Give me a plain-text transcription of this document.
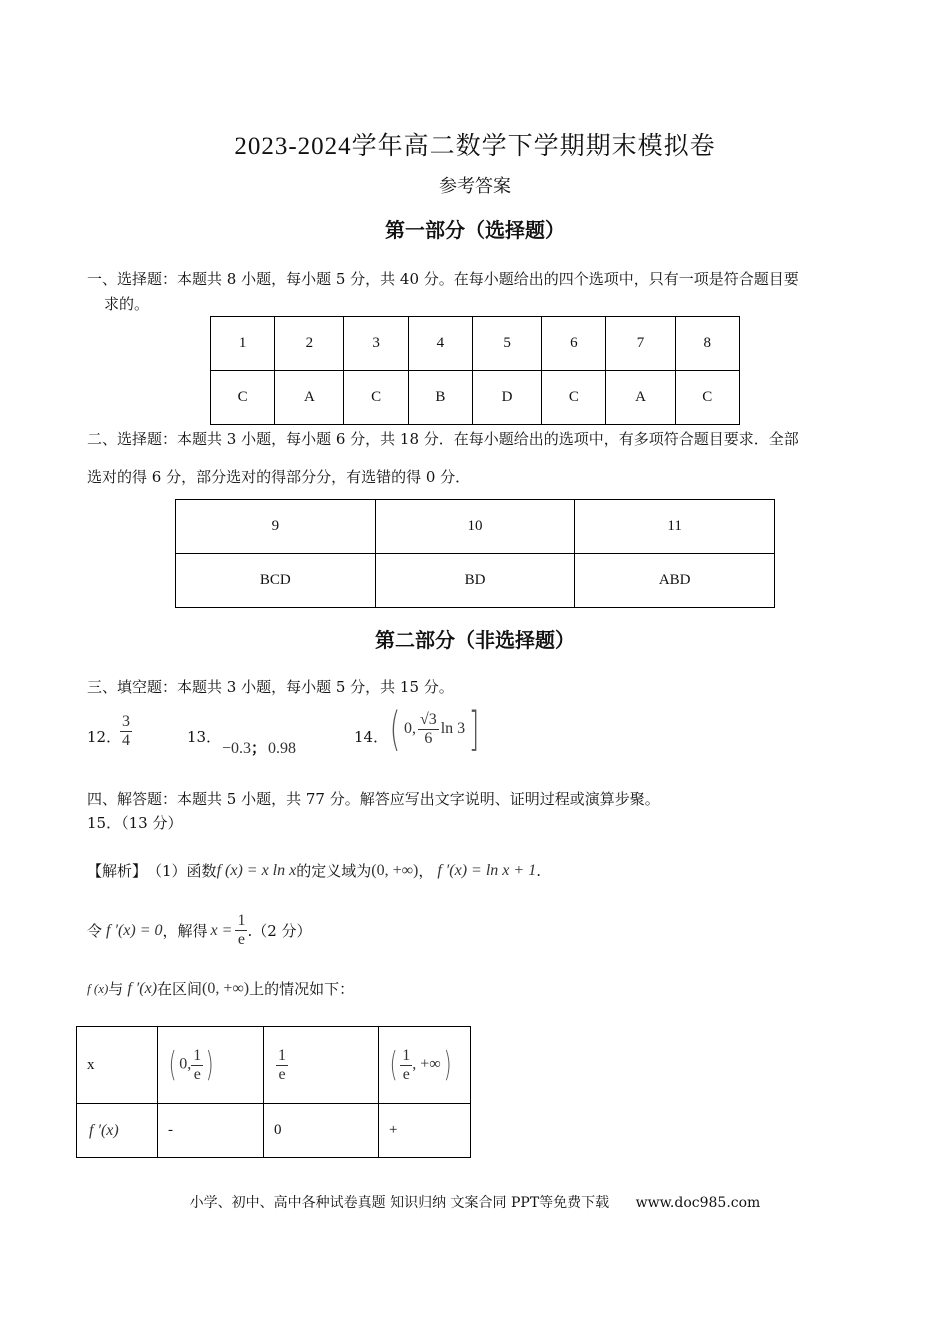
2023-2024学年高二数学下学期期末模拟卷
参考答案
第一部分（选择题）
一、选择题：本题共 8 小题，每小题 5 分，共 40 分。在每小题给出的四个选项中，只有一项是符合题目要
求的。
1	2	3	4	5	6	7	8
C	A	C	B	D	C	A	C
二、选择题：本题共 3 小题，每小题 6 分，共 18 分．在每小题给出的选项中，有多项符合题目要求．全部
选对的得 6 分，部分选对的得部分分，有选错的得 0 分．
9	10	11
BCD	BD	ABD
第二部分（非选择题）
三、填空题：本题共 3 小题，每小题 5 分，共 15 分。
12．
$\frac{3}{4}$	13．
−0.3； 0.98
14． ( 0, $\frac{√3}{6}$ ln 3 ]
四、解答题：本题共 5 小题，共 77 分。解答应写出文字说明、证明过程或演算步聚。
15．（13 分）
【解析】 （1）函数 f (x) = x ln x 的定义域为 (0, +∞) ， f ′(x) = ln x + 1 .
令 f ′(x) = 0 ，解得 $x = \frac{1}{e} .(2$ 分）
f (x) 与 f ′(x) 在区间 (0, +∞) 上的情况如下：
x	( 0, $\frac{1}{e}$ )	$\frac{1}{e}$	( $\frac{1}{e}$ , +∞)
f ′(x)	-	0	+
小学、初中、高中各种试卷真题 知识归纳 文案合同 PPT等免费下载 www.doc985.com
